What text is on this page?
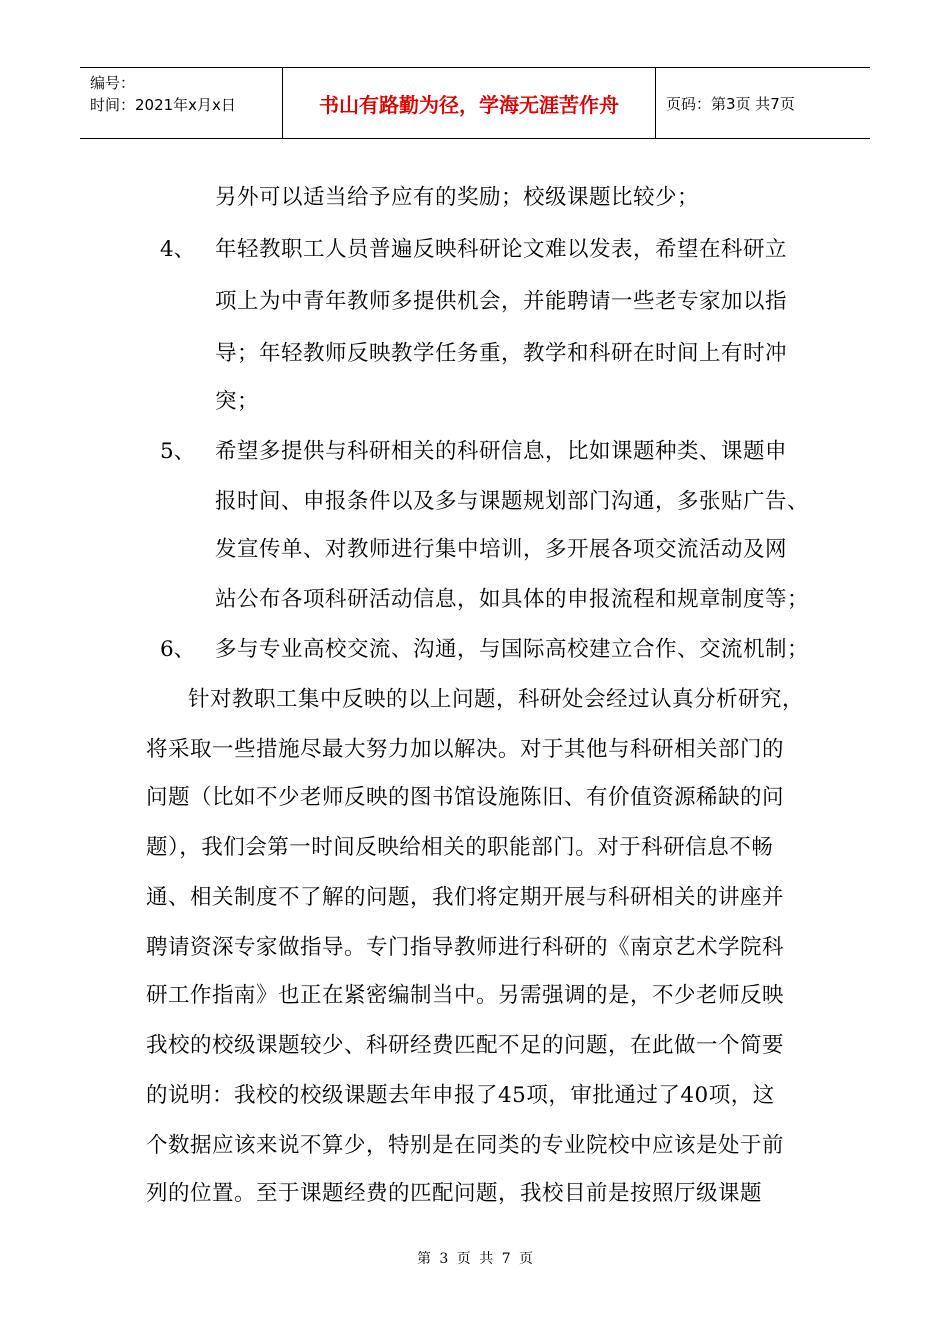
编号：
时间：2021年x月x日	书山有路勤为径，学海无涯苦作舟	页码：第3页 共7页
另外可以适当给予应有的奖励；校级课题比较少；
4、 年轻教职工人员普遍反映科研论文难以发表，希望在科研立
项上为中青年教师多提供机会，并能聘请一些老专家加以指
导；年轻教师反映教学任务重，教学和科研在时间上有时冲
突；
5、 希望多提供与科研相关的科研信息，比如课题种类、课题申
报时间、申报条件以及多与课题规划部门沟通，多张贴广告、
发宣传单、对教师进行集中培训，多开展各项交流活动及网
站公布各项科研活动信息，如具体的申报流程和规章制度等；
6、 多与专业高校交流、沟通，与国际高校建立合作、交流机制；
针对教职工集中反映的以上问题，科研处会经过认真分析研究，
将采取一些措施尽最大努力加以解决。对于其他与科研相关部门的
问题（比如不少老师反映的图书馆设施陈旧、有价值资源稀缺的问
题），我们会第一时间反映给相关的职能部门。对于科研信息不畅
通、相关制度不了解的问题，我们将定期开展与科研相关的讲座并
聘请资深专家做指导。专门指导教师进行科研的《南京艺术学院科
研工作指南》也正在紧密编制当中。另需强调的是，不少老师反映
我校的校级课题较少、科研经费匹配不足的问题，在此做一个简要
的说明：我校的校级课题去年申报了45项，审批通过了40项，这
个数据应该来说不算少，特别是在同类的专业院校中应该是处于前
列的位置。至于课题经费的匹配问题，我校目前是按照厅级课题
第 3 页 共 7 页
